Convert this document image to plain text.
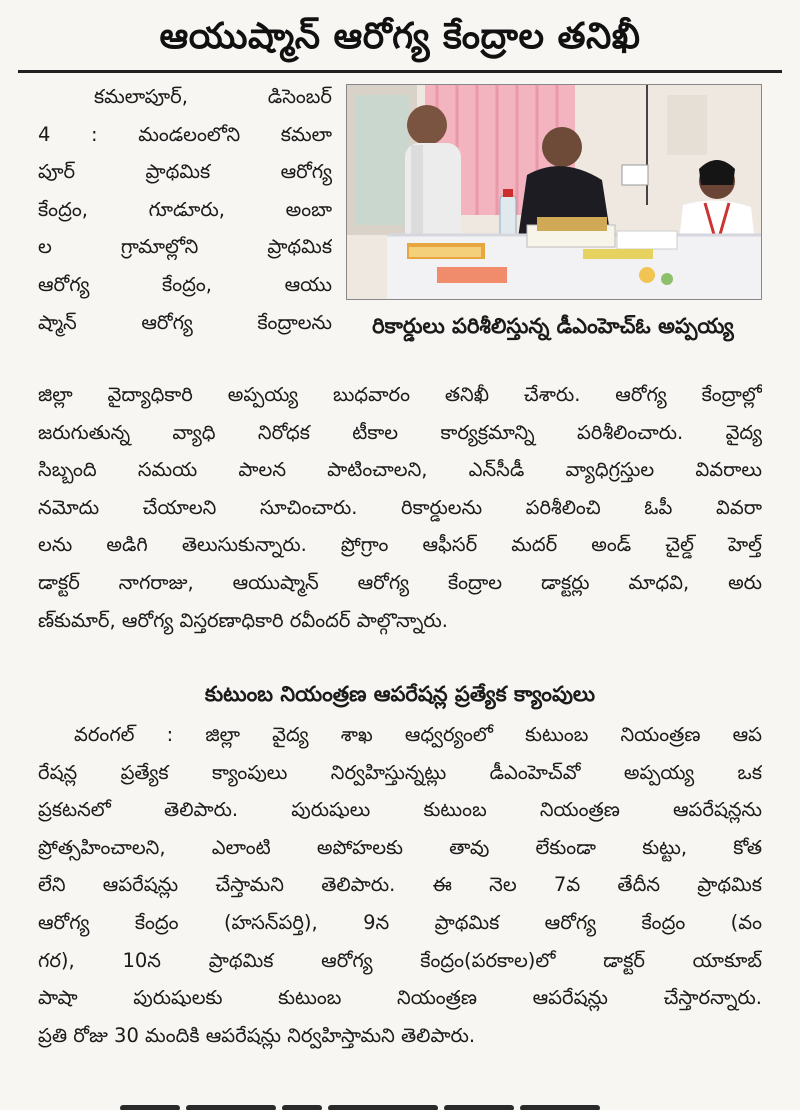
ఆయుష్మాన్ ఆరోగ్య కేంద్రాల తనిఖీ
కమలాపూర్, డిసెంబర్
4 : మండలంలోని కమలా
పూర్ ప్రాథమిక ఆరోగ్య
కేంద్రం, గూడూరు, అంబా
ల గ్రామాల్లోని ప్రాథమిక
ఆరోగ్య కేంద్రం, ఆయు
ష్మాన్ ఆరోగ్య కేంద్రాలను	రికార్డులు పరిశీలిస్తున్న డీఎంహెచ్ఓ అప్పయ్య
జిల్లా వైద్యాధికారి అప్పయ్య బుధవారం తనిఖీ చేశారు. ఆరోగ్య కేంద్రాల్లో
జరుగుతున్న వ్యాధి నిరోధక టీకాల కార్యక్రమాన్ని పరిశీలించారు. వైద్య
సిబ్బంది సమయ పాలన పాటించాలని, ఎన్‌సీడీ వ్యాధిగ్రస్తుల వివరాలు
నమోదు చేయాలని సూచించారు. రికార్డులను పరిశీలించి ఓపీ వివరా
లను అడిగి తెలుసుకున్నారు. ప్రోగ్రాం ఆఫీసర్ మదర్ అండ్ చైల్డ్ హెల్త్
డాక్టర్ నాగరాజు, ఆయుష్మాన్ ఆరోగ్య కేంద్రాల డాక్టర్లు మాధవి, అరు
ణ్‌కుమార్, ఆరోగ్య విస్తరణాధికారి రవీందర్ పాల్గొన్నారు.
కుటుంబ నియంత్రణ ఆపరేషన్ల ప్రత్యేక క్యాంపులు
వరంగల్ : జిల్లా వైద్య శాఖ ఆధ్వర్యంలో కుటుంబ నియంత్రణ ఆప
రేషన్ల ప్రత్యేక క్యాంపులు నిర్వహిస్తున్నట్లు డీఎంహెచ్‌వో అప్పయ్య ఒక
ప్రకటనలో తెలిపారు. పురుషులు కుటుంబ నియంత్రణ ఆపరేషన్లను
ప్రోత్సహించాలని, ఎలాంటి అపోహలకు తావు లేకుండా కుట్టు, కోత
లేని ఆపరేషన్లు చేస్తామని తెలిపారు. ఈ నెల 7వ తేదీన ప్రాథమిక
ఆరోగ్య కేంద్రం (హసన్‌పర్తి), 9న ప్రాథమిక ఆరోగ్య కేంద్రం (వం
గర), 10న ప్రాథమిక ఆరోగ్య కేంద్రం(పరకాల)లో డాక్టర్ యాకూబ్
పాషా పురుషులకు కుటుంబ నియంత్రణ ఆపరేషన్లు చేస్తారన్నారు.
ప్రతి రోజు 30 మందికి ఆపరేషన్లు నిర్వహిస్తామని తెలిపారు.
